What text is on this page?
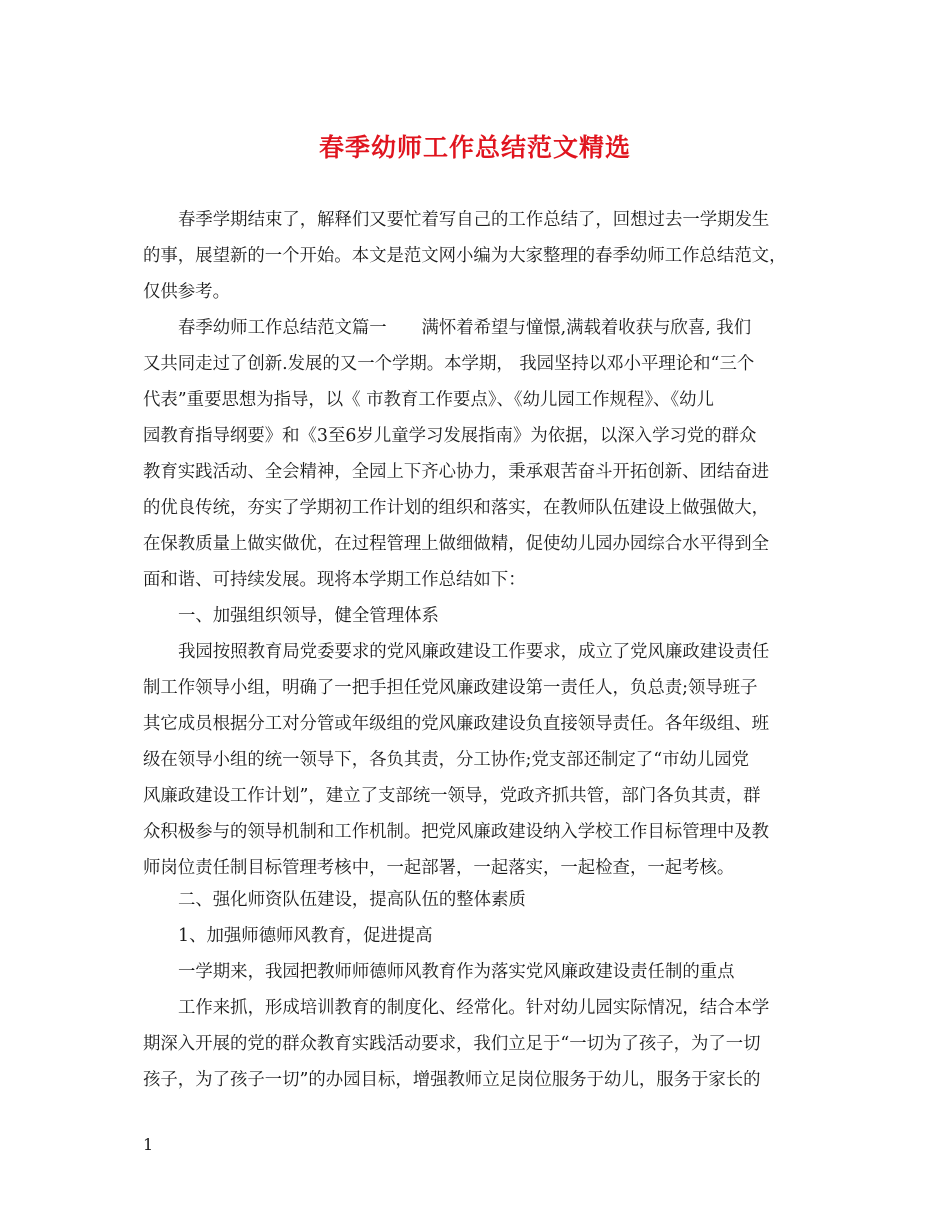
春季幼师工作总结范文精选
春季学期结束了，解释们又要忙着写自己的工作总结了，回想过去一学期发生
的事，展望新的一个开始。本文是范文网小编为大家整理的春季幼师工作总结范文，
仅供参考。
春季幼师工作总结范文篇一　　满怀着希望与憧憬,满载着收获与欣喜, 我们
又共同走过了创新.发展的又一个学期。本学期， 我园坚持以邓小平理论和“三个
代表”重要思想为指导，以《 市教育工作要点》、《幼儿园工作规程》、《幼儿
园教育指导纲要》和《3至6岁儿童学习发展指南》为依据，以深入学习党的群众
教育实践活动、全会精神，全园上下齐心协力，秉承艰苦奋斗开拓创新、团结奋进
的优良传统，夯实了学期初工作计划的组织和落实，在教师队伍建设上做强做大，
在保教质量上做实做优，在过程管理上做细做精，促使幼儿园办园综合水平得到全
面和谐、可持续发展。现将本学期工作总结如下：
一、加强组织领导，健全管理体系
我园按照教育局党委要求的党风廉政建设工作要求，成立了党风廉政建设责任
制工作领导小组，明确了一把手担任党风廉政建设第一责任人，负总责;领导班子
其它成员根据分工对分管或年级组的党风廉政建设负直接领导责任。各年级组、班
级在领导小组的统一领导下，各负其责，分工协作;党支部还制定了“市幼儿园党
风廉政建设工作计划”，建立了支部统一领导，党政齐抓共管，部门各负其责，群
众积极参与的领导机制和工作机制。把党风廉政建设纳入学校工作目标管理中及教
师岗位责任制目标管理考核中，一起部署，一起落实，一起检查，一起考核。
二、强化师资队伍建设，提高队伍的整体素质
1、加强师德师风教育，促进提高
一学期来，我园把教师师德师风教育作为落实党风廉政建设责任制的重点
工作来抓，形成培训教育的制度化、经常化。针对幼儿园实际情况，结合本学
期深入开展的党的群众教育实践活动要求，我们立足于“一切为了孩子，为了一切
孩子，为了孩子一切”的办园目标，增强教师立足岗位服务于幼儿，服务于家长的
1
